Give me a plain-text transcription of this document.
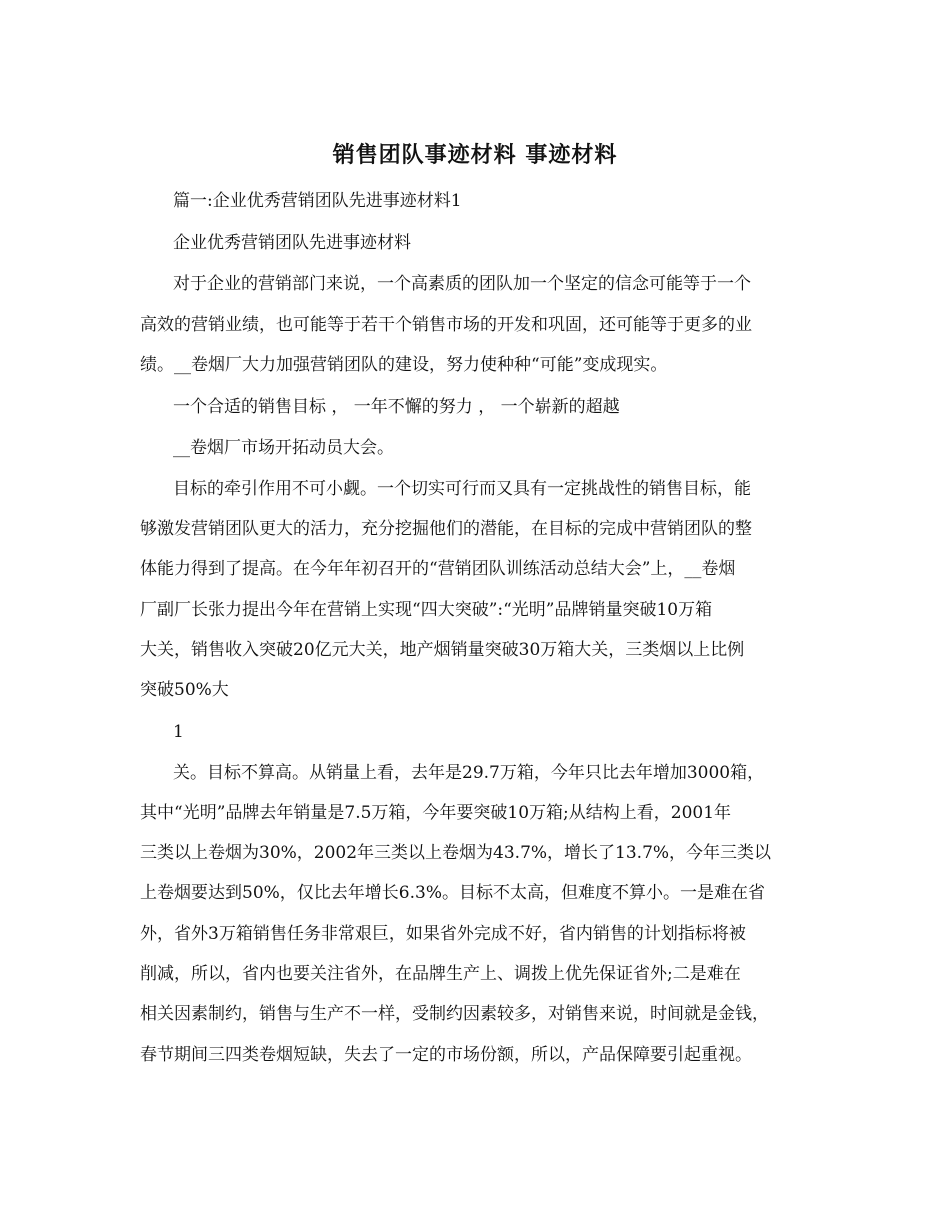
销售团队事迹材料 事迹材料
篇一:企业优秀营销团队先进事迹材料1
企业优秀营销团队先进事迹材料
对于企业的营销部门来说，一个高素质的团队加一个坚定的信念可能等于一个
高效的营销业绩，也可能等于若干个销售市场的开发和巩固，还可能等于更多的业
绩。__卷烟厂大力加强营销团队的建设，努力使种种“可能”变成现实。
一个合适的销售目标 ， 一年不懈的努力 ， 一个崭新的超越
__卷烟厂市场开拓动员大会。
目标的牵引作用不可小觑。一个切实可行而又具有一定挑战性的销售目标，能
够激发营销团队更大的活力，充分挖掘他们的潜能，在目标的完成中营销团队的整
体能力得到了提高。在今年年初召开的“营销团队训练活动总结大会”上，__卷烟
厂副厂长张力提出今年在营销上实现“四大突破”:“光明”品牌销量突破10万箱
大关，销售收入突破20亿元大关，地产烟销量突破30万箱大关，三类烟以上比例
突破50%大
1
关。目标不算高。从销量上看，去年是29.7万箱，今年只比去年增加3000箱，
其中“光明”品牌去年销量是7.5万箱，今年要突破10万箱;从结构上看，2001年
三类以上卷烟为30%，2002年三类以上卷烟为43.7%，增长了13.7%，今年三类以
上卷烟要达到50%，仅比去年增长6.3%。目标不太高，但难度不算小。一是难在省
外，省外3万箱销售任务非常艰巨，如果省外完成不好，省内销售的计划指标将被
削减，所以，省内也要关注省外，在品牌生产上、调拨上优先保证省外;二是难在
相关因素制约，销售与生产不一样，受制约因素较多，对销售来说，时间就是金钱，
春节期间三四类卷烟短缺，失去了一定的市场份额，所以，产品保障要引起重视。
